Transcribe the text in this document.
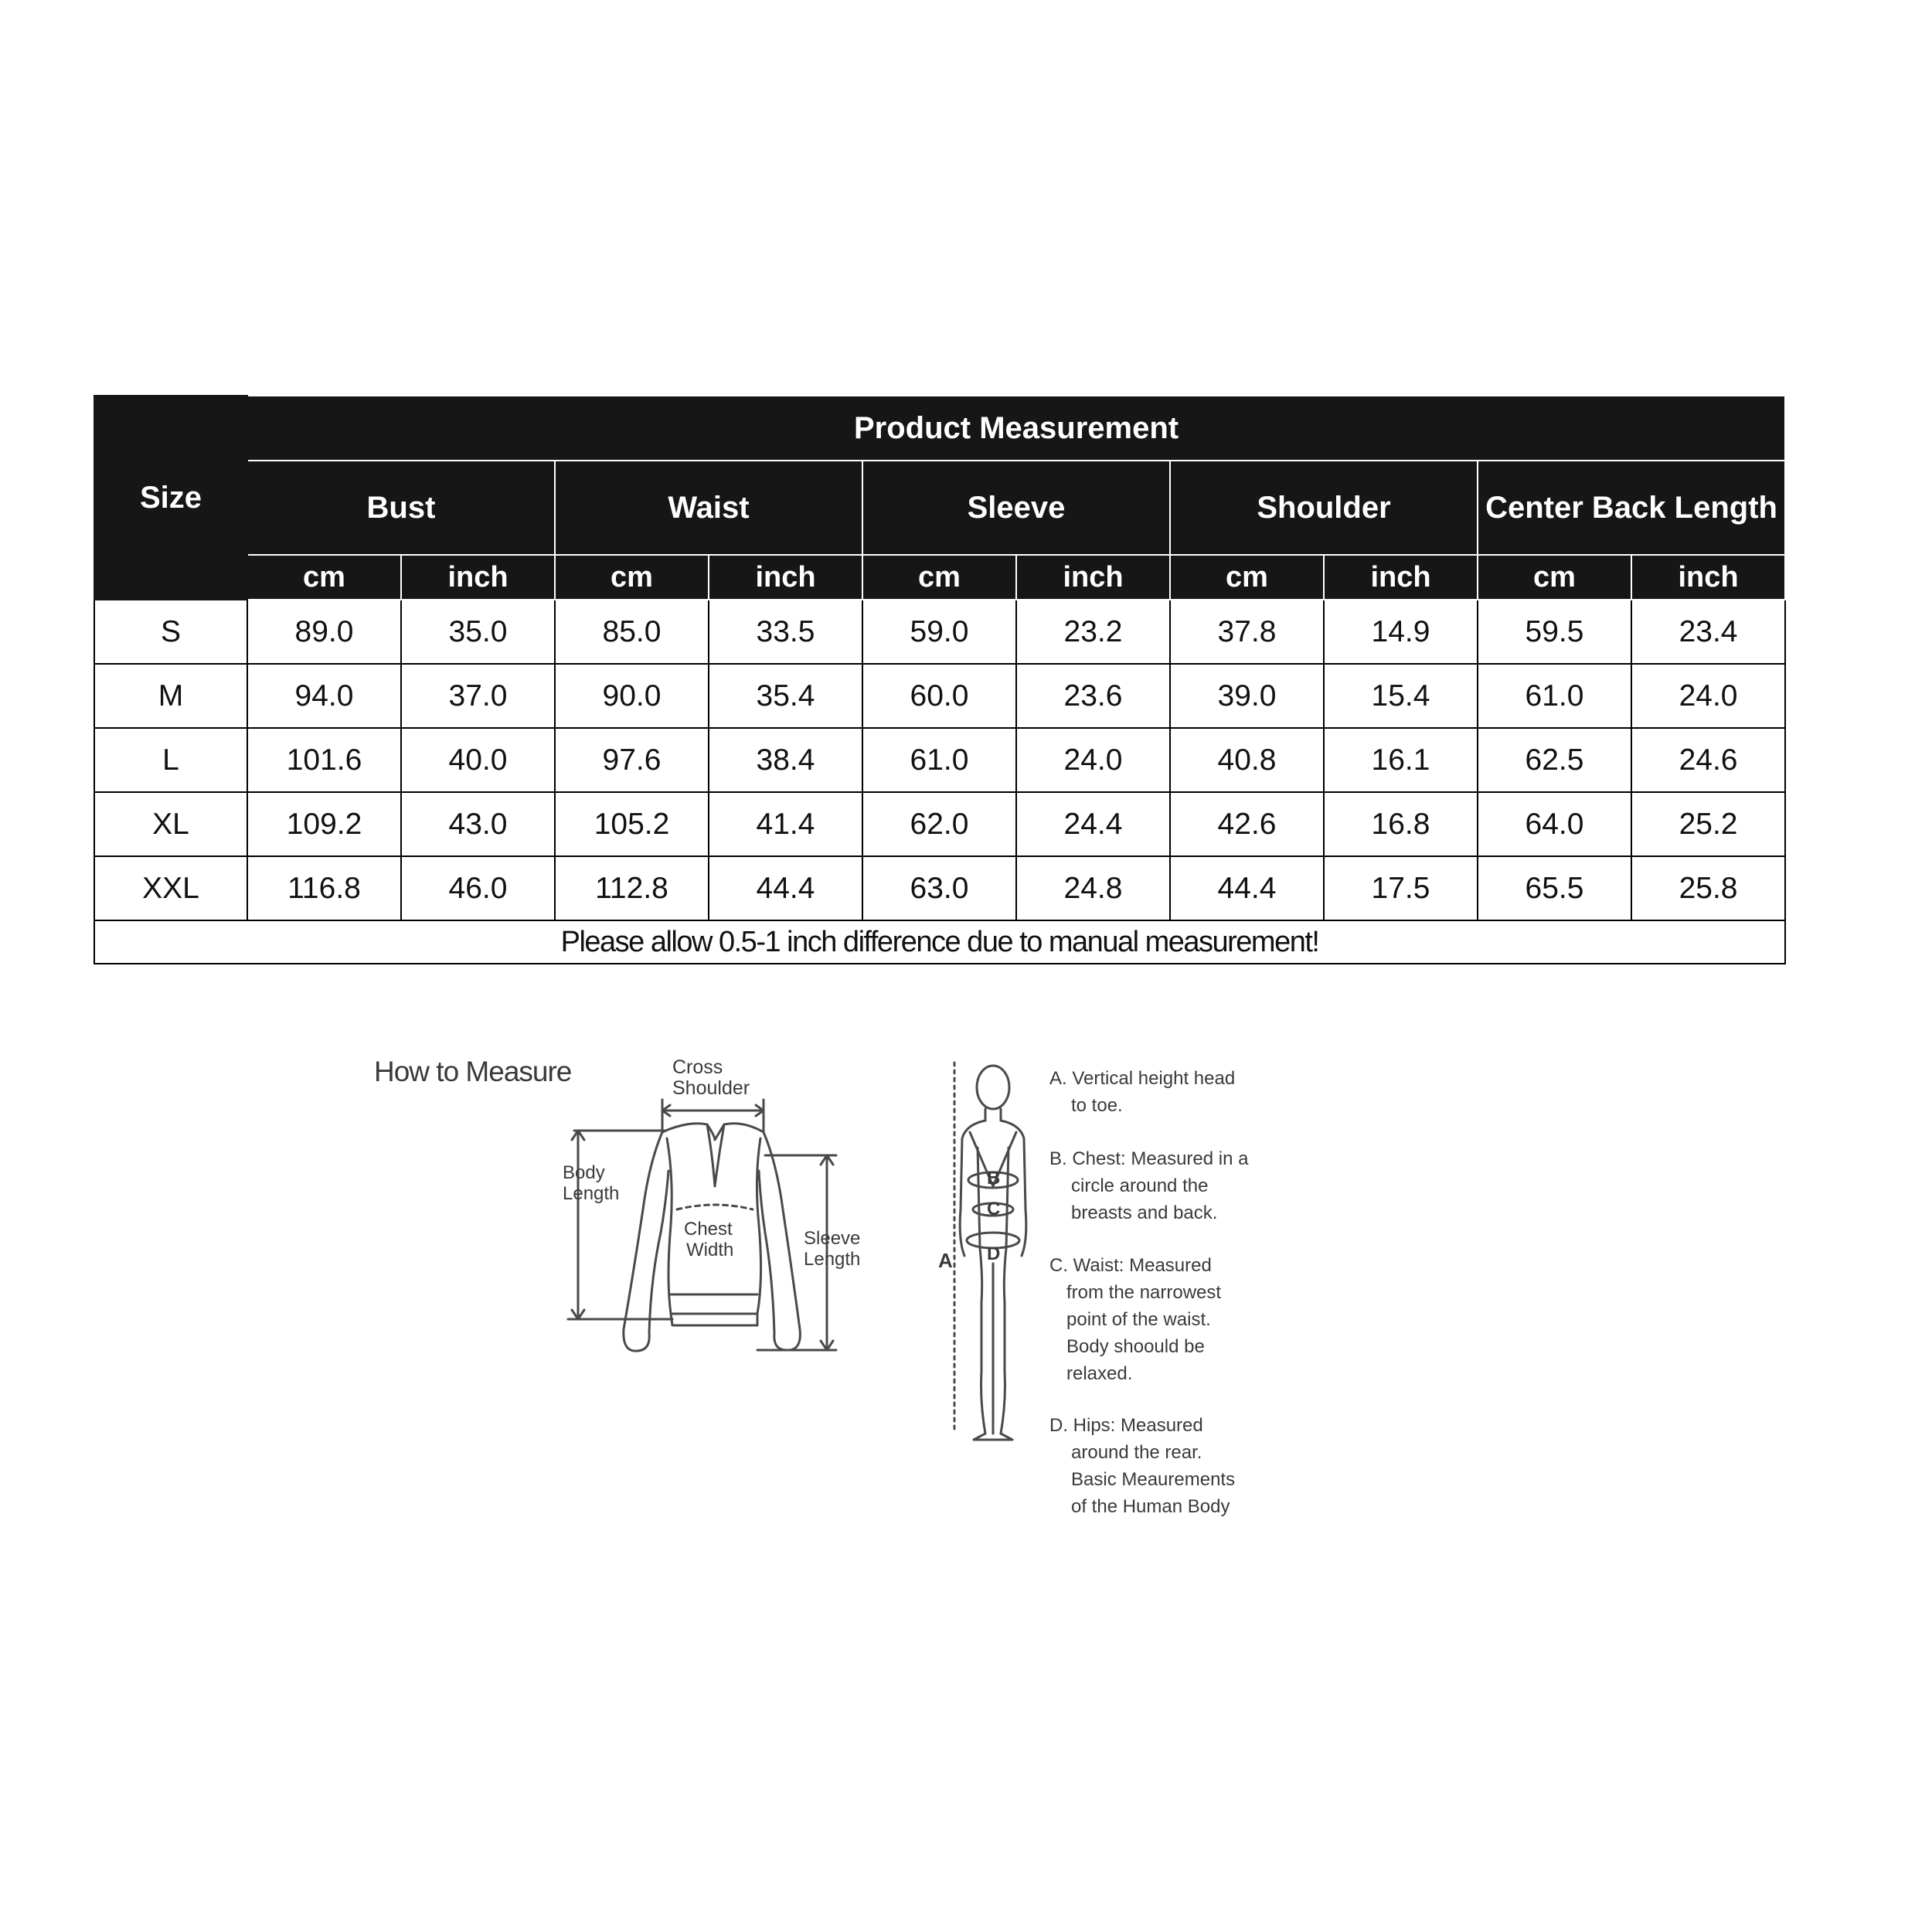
Size	Product Measurement									
	Bust		Waist		Sleeve		Shoulder		Center Back Length	
	cm	inch	cm	inch	cm	inch	cm	inch	cm	inch
S	89.0	35.0	85.0	33.5	59.0	23.2	37.8	14.9	59.5	23.4
M	94.0	37.0	90.0	35.4	60.0	23.6	39.0	15.4	61.0	24.0
L	101.6	40.0	97.6	38.4	61.0	24.0	40.8	16.1	62.5	24.6
XL	109.2	43.0	105.2	41.4	62.0	24.4	42.6	16.8	64.0	25.2
XXL	116.8	46.0	112.8	44.4	63.0	24.8	44.4	17.5	65.5	25.8
Please allow 0.5-1 inch difference due to manual measurement!										
How to Measure	Cross
Shoulder
Body
Length
Chest
Width
Sleeve
Length	A
B
C
D
A. Vertical height head
to toe.
B. Chest: Measured in a
circle around the
breasts and back.
C. Waist: Measured
from the narrowest
point of the waist.
Body shoould be
relaxed.
D. Hips: Measured
around the rear.
Basic Meaurements
of the Human Body
